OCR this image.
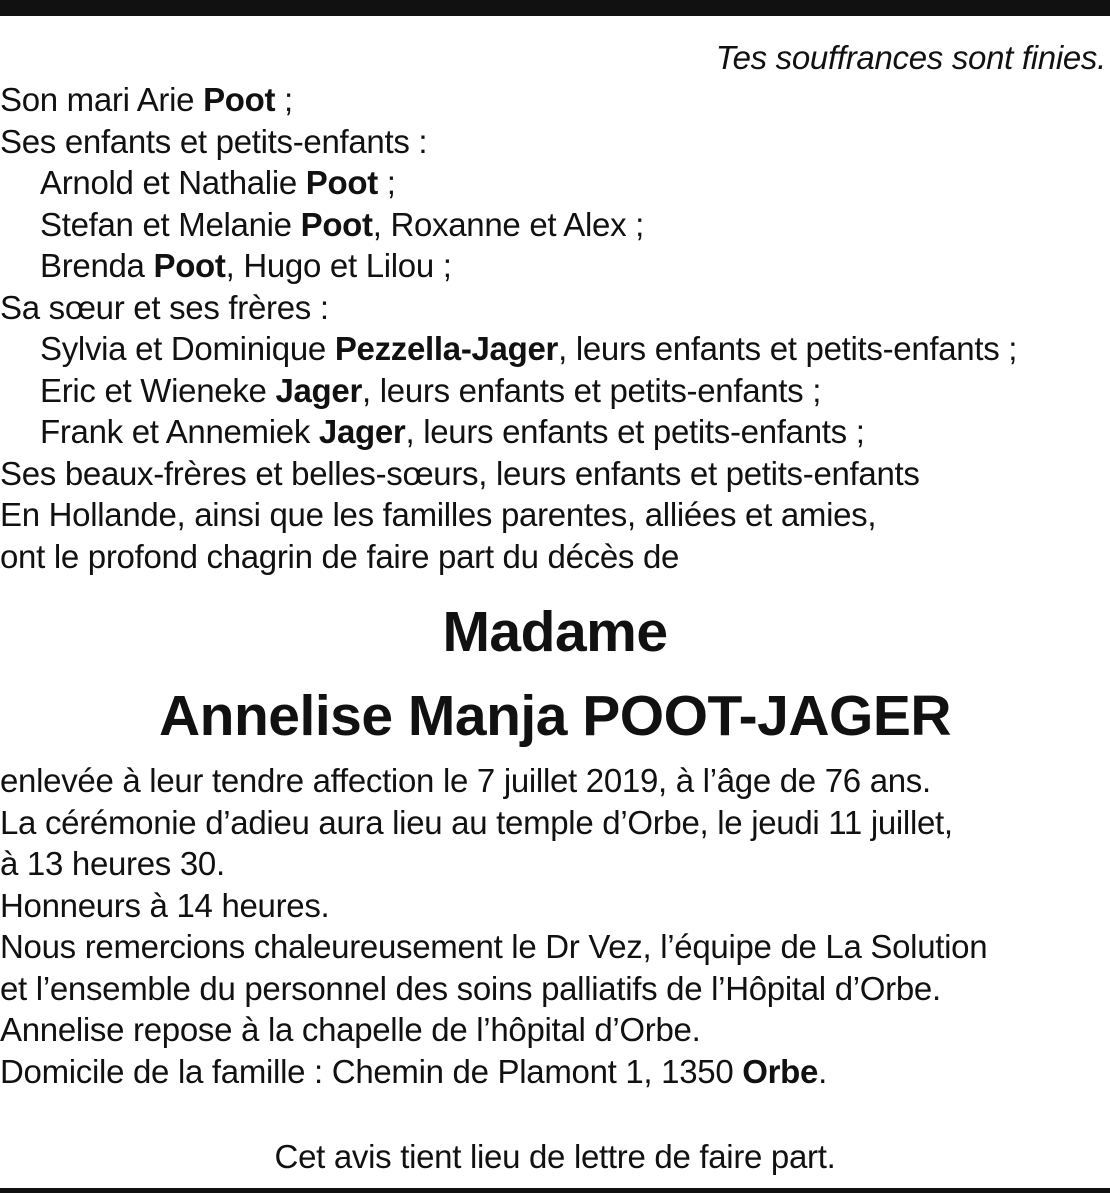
Tes souffrances sont finies.
Son mari Arie Poot ;
Ses enfants et petits-enfants :
Arnold et Nathalie Poot ;
Stefan et Melanie Poot, Roxanne et Alex ;
Brenda Poot, Hugo et Lilou ;
Sa sœur et ses frères :
Sylvia et Dominique Pezzella-Jager, leurs enfants et petits-enfants ;
Eric et Wieneke Jager, leurs enfants et petits-enfants ;
Frank et Annemiek Jager, leurs enfants et petits-enfants ;
Ses beaux-frères et belles-sœurs, leurs enfants et petits-enfants
En Hollande, ainsi que les familles parentes, alliées et amies,
ont le profond chagrin de faire part du décès de
Madame
Annelise Manja POOT-JAGER
enlevée à leur tendre affection le 7 juillet 2019, à l’âge de 76 ans.
La cérémonie d’adieu aura lieu au temple d’Orbe, le jeudi 11 juillet,
à 13 heures 30.
Honneurs à 14 heures.
Nous remercions chaleureusement le Dr Vez, l’équipe de La Solution
et l’ensemble du personnel des soins palliatifs de l’Hôpital d’Orbe.
Annelise repose à la chapelle de l’hôpital d’Orbe.
Domicile de la famille : Chemin de Plamont 1, 1350 Orbe.
Cet avis tient lieu de lettre de faire part.
